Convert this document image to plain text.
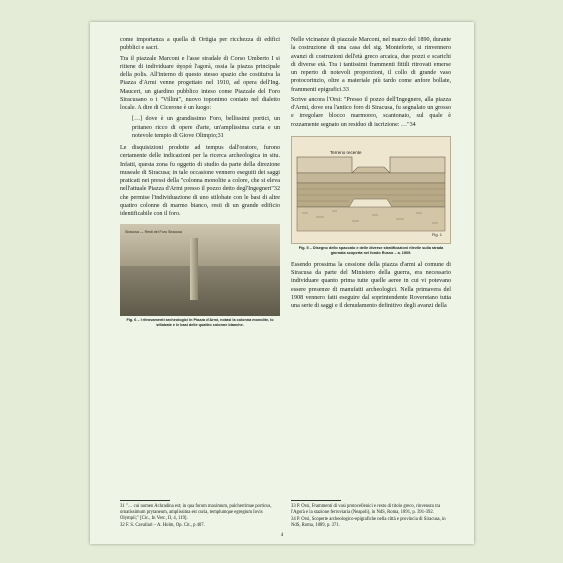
come importanza a quella di Ortigia per ricchezza di edifici pubblici e sacri.

Tra il piazzale Marconi e l'asse stradale di Corso Umberto I si ritiene di individuare ἀγορά l'agorà, ossia la piazza principale della polis. All'interno di questo stesso spazio che costituiva la Piazza d'Armi venne progettato nel 1910, ad opera dell'Ing. Mauceri, un giardino pubblico inteso come Piazzale del Foro Siracusano o i "Villini", nuovo toponimo coniato nel dialetto locale. A dire di Cicerone è un luogo:

[…] dove è un grandissimo Foro, bellissimi portici, un pritaneo ricco di opere d'arte, un'amplissima curia e un notevole tempio di Giove Olimpio;31

Le disquisizioni prodotte ad tempus dall'oratore, furono certamente delle indicazioni per la ricerca archeologica in situ. Infatti, questa zona fu oggetto di studio da parte della direzione museale di Siracusa; in tale occasione vennero eseguiti dei saggi praticati nei pressi della "colonna monolite a colore, che si eleva nell'attuale Piazza d'Armi presso il pozzo detto degl'Ingegneri"32 che permise l'individuazione di uno stilobate con le basi di altre quattro colonne di marmo bianco, resti di un grande edificio identificabile con il foro.

Siracusa — Resti del Foro Siracusa
Fig. 6 – I ritrovamenti archeologici in Piazza d'Armi, notasi la colonna monolite, lo stilobate e le basi delle quattro colonne bianche.

Nelle vicinanze di piazzale Marconi, nel marzo del 1890, durante la costruzione di una casa del sig. Monteforte, si rinvennero avanzi di costruzioni dell'età greco arcaica, due pozzi e scarichi di diverse età. Tra i tantissimi frammenti fittili ritrovati emerse un reperto di notevoli proporzioni, il collo di grande vaso protocorinzio, oltre a materiale più tardo come anfore bollate, frammenti epigrafici.33

Scrive ancora l'Orsi: "Presso il pozzo dell'Ingegnere, alla piazza d'Armi, dove era l'antico foro di Siracusa, fu segnalato un grosso e irregolare blocco marmoreo, scantonato, sul quale è rozzamente segnato un residuo di iscrizione: …"34

Terreno recente
Fig. 1
Fig. 5 – Disegno dello spaccato e delle diverse stratificazioni rilevile sulla strada giornata scoperta nel fondo Russo – a. 1909.

Essendo prossima la cessione della piazza d'armi al comune di Siracusa da parte del Ministero della guerra, era necessario individuare quanto prima tutte quelle aeree in cui vi potevano essere presenze di manufatti archeologici. Nella primavera del 1908 vennero fatti eseguire dal soprintendente Roveretano tutta una serie di saggi e il denudamento definitivo degli avanzi della

31 "… cui nomen Achradina est; in qua forum maximum, pulcherrimae porticus, ornatissimum prytaneum, amplissima est curia, templumque egregium Iovis Olympii;" [Cic., In Verr., II, 4, 119].

32 F. S. Cavallari – A. Holm, Op. Cit., p 407.

33 P. Orsi, Frammenti di vasi protocellenici e resto di titolo greco, rinvenuto tra l'Agorà e la stazione ferroviaria (Neapoli), in NdS, Roma, 1891, p. 391-392.

34 P. Orsi, Scoperte archeologico-epigrafiche nella città e provincia di Siracusa, in NdS, Roma, 1889, p. 371.

4
